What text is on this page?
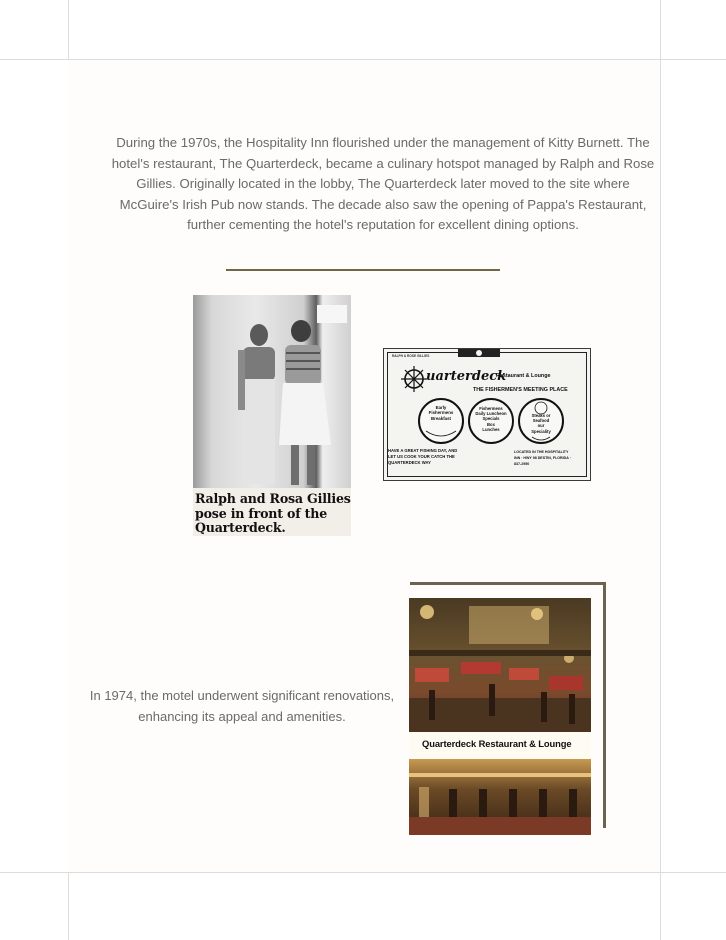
During the 1970s, the Hospitality Inn flourished under the management of Kitty Burnett. The hotel's restaurant, The Quarterdeck, became a culinary hotspot managed by Ralph and Rose Gillies. Originally located in the lobby, The Quarterdeck later moved to the site where McGuire's Irish Pub now stands. The decade also saw the opening of Pappa's Restaurant, further cementing the hotel's reputation for excellent dining options.

Ralph and Rosa Gillies pose in front of the Quarterdeck.

RALPH & ROSE GILLIES
uarterdeck
Restaurant & Lounge
THE FISHERMEN'S MEETING PLACE
Early
Fishermens
Breakfast
Fishermens
Daily Luncheon
Specials
Box
Lunches
Steaks or
Seafood
our
Speciality
HAVE A GREAT FISHING DAY, AND LET US COOK YOUR CATCH THE QUARTERDECK WAY
LOCATED IN THE HOSPITALITY INN · HWY 98 DESTIN, FLORIDA · 837-2950

In 1974, the motel underwent significant renovations, enhancing its appeal and amenities.

Quarterdeck Restaurant & Lounge
